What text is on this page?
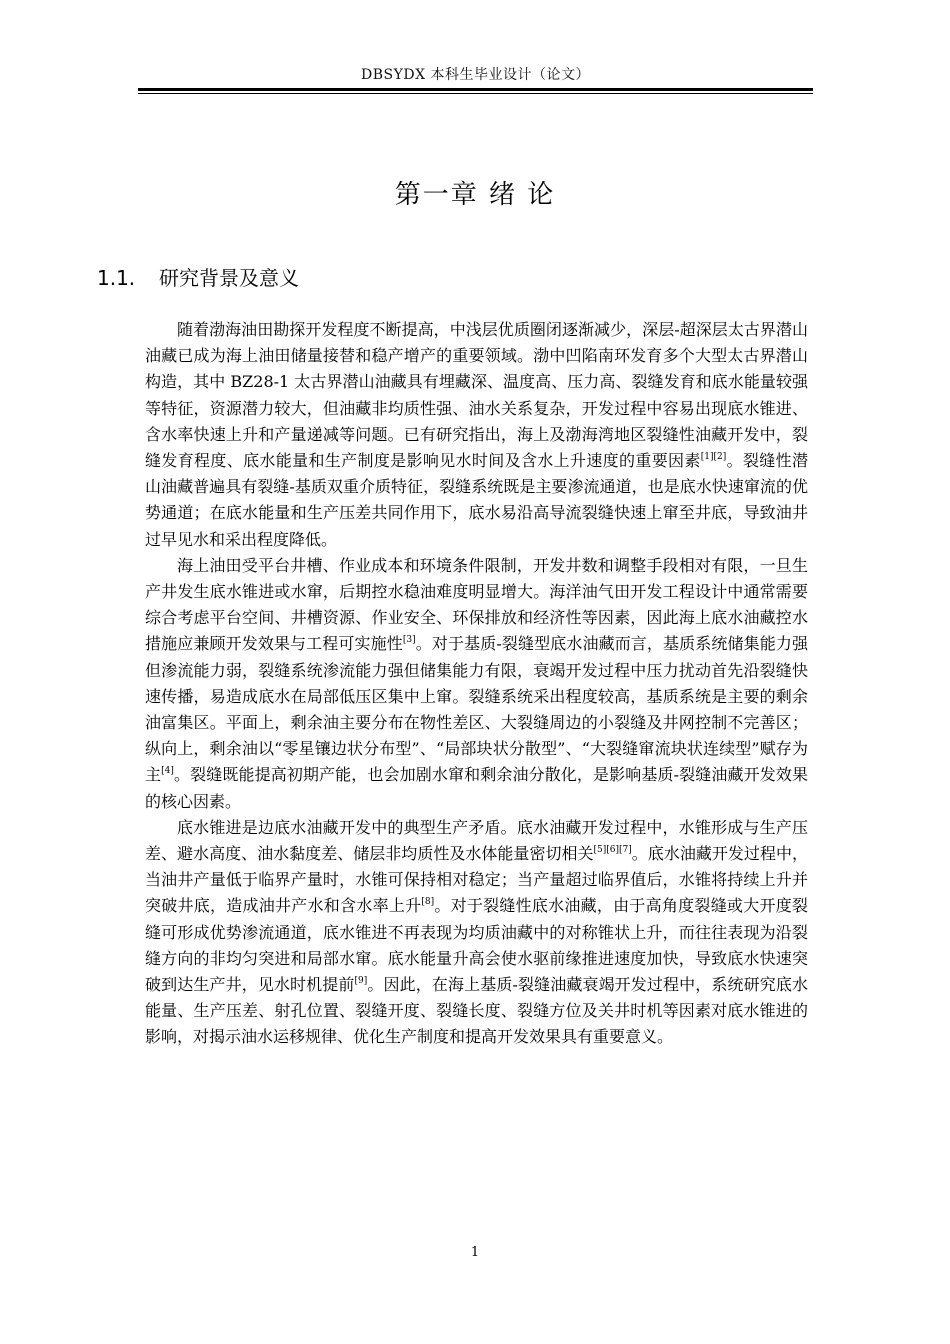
DBSYDX 本科生毕业设计（论文）
第一章 绪 论
1.1. 研究背景及意义

随着渤海油田勘探开发程度不断提高，中浅层优质圈闭逐渐减少，深层-超深层太古界潜山油藏已成为海上油田储量接替和稳产增产的重要领域。渤中凹陷南环发育多个大型太古界潜山构造，其中 BZ28-1 太古界潜山油藏具有埋藏深、温度高、压力高、裂缝发育和底水能量较强等特征，资源潜力较大，但油藏非均质性强、油水关系复杂，开发过程中容易出现底水锥进、含水率快速上升和产量递减等问题。已有研究指出，海上及渤海湾地区裂缝性油藏开发中，裂缝发育程度、底水能量和生产制度是影响见水时间及含水上升速度的重要因素[1][2]。裂缝性潜山油藏普遍具有裂缝-基质双重介质特征，裂缝系统既是主要渗流通道，也是底水快速窜流的优势通道；在底水能量和生产压差共同作用下，底水易沿高导流裂缝快速上窜至井底，导致油井过早见水和采出程度降低。

海上油田受平台井槽、作业成本和环境条件限制，开发井数和调整手段相对有限，一旦生产井发生底水锥进或水窜，后期控水稳油难度明显增大。海洋油气田开发工程设计中通常需要综合考虑平台空间、井槽资源、作业安全、环保排放和经济性等因素，因此海上底水油藏控水措施应兼顾开发效果与工程可实施性[3]。对于基质-裂缝型底水油藏而言，基质系统储集能力强但渗流能力弱，裂缝系统渗流能力强但储集能力有限，衰竭开发过程中压力扰动首先沿裂缝快速传播，易造成底水在局部低压区集中上窜。裂缝系统采出程度较高，基质系统是主要的剩余油富集区。平面上，剩余油主要分布在物性差区、大裂缝周边的小裂缝及井网控制不完善区；纵向上，剩余油以“零星镶边状分布型”、“局部块状分散型”、“大裂缝窜流块状连续型”赋存为主[4]。裂缝既能提高初期产能，也会加剧水窜和剩余油分散化，是影响基质-裂缝油藏开发效果的核心因素。

底水锥进是边底水油藏开发中的典型生产矛盾。底水油藏开发过程中，水锥形成与生产压差、避水高度、油水黏度差、储层非均质性及水体能量密切相关[5][6][7]。底水油藏开发过程中，当油井产量低于临界产量时，水锥可保持相对稳定；当产量超过临界值后，水锥将持续上升并突破井底，造成油井产水和含水率上升[8]。对于裂缝性底水油藏，由于高角度裂缝或大开度裂缝可形成优势渗流通道，底水锥进不再表现为均质油藏中的对称锥状上升，而往往表现为沿裂缝方向的非均匀突进和局部水窜。底水能量升高会使水驱前缘推进速度加快，导致底水快速突破到达生产井，见水时机提前[9]。因此，在海上基质-裂缝油藏衰竭开发过程中，系统研究底水能量、生产压差、射孔位置、裂缝开度、裂缝长度、裂缝方位及关井时机等因素对底水锥进的影响，对揭示油水运移规律、优化生产制度和提高开发效果具有重要意义。

1
